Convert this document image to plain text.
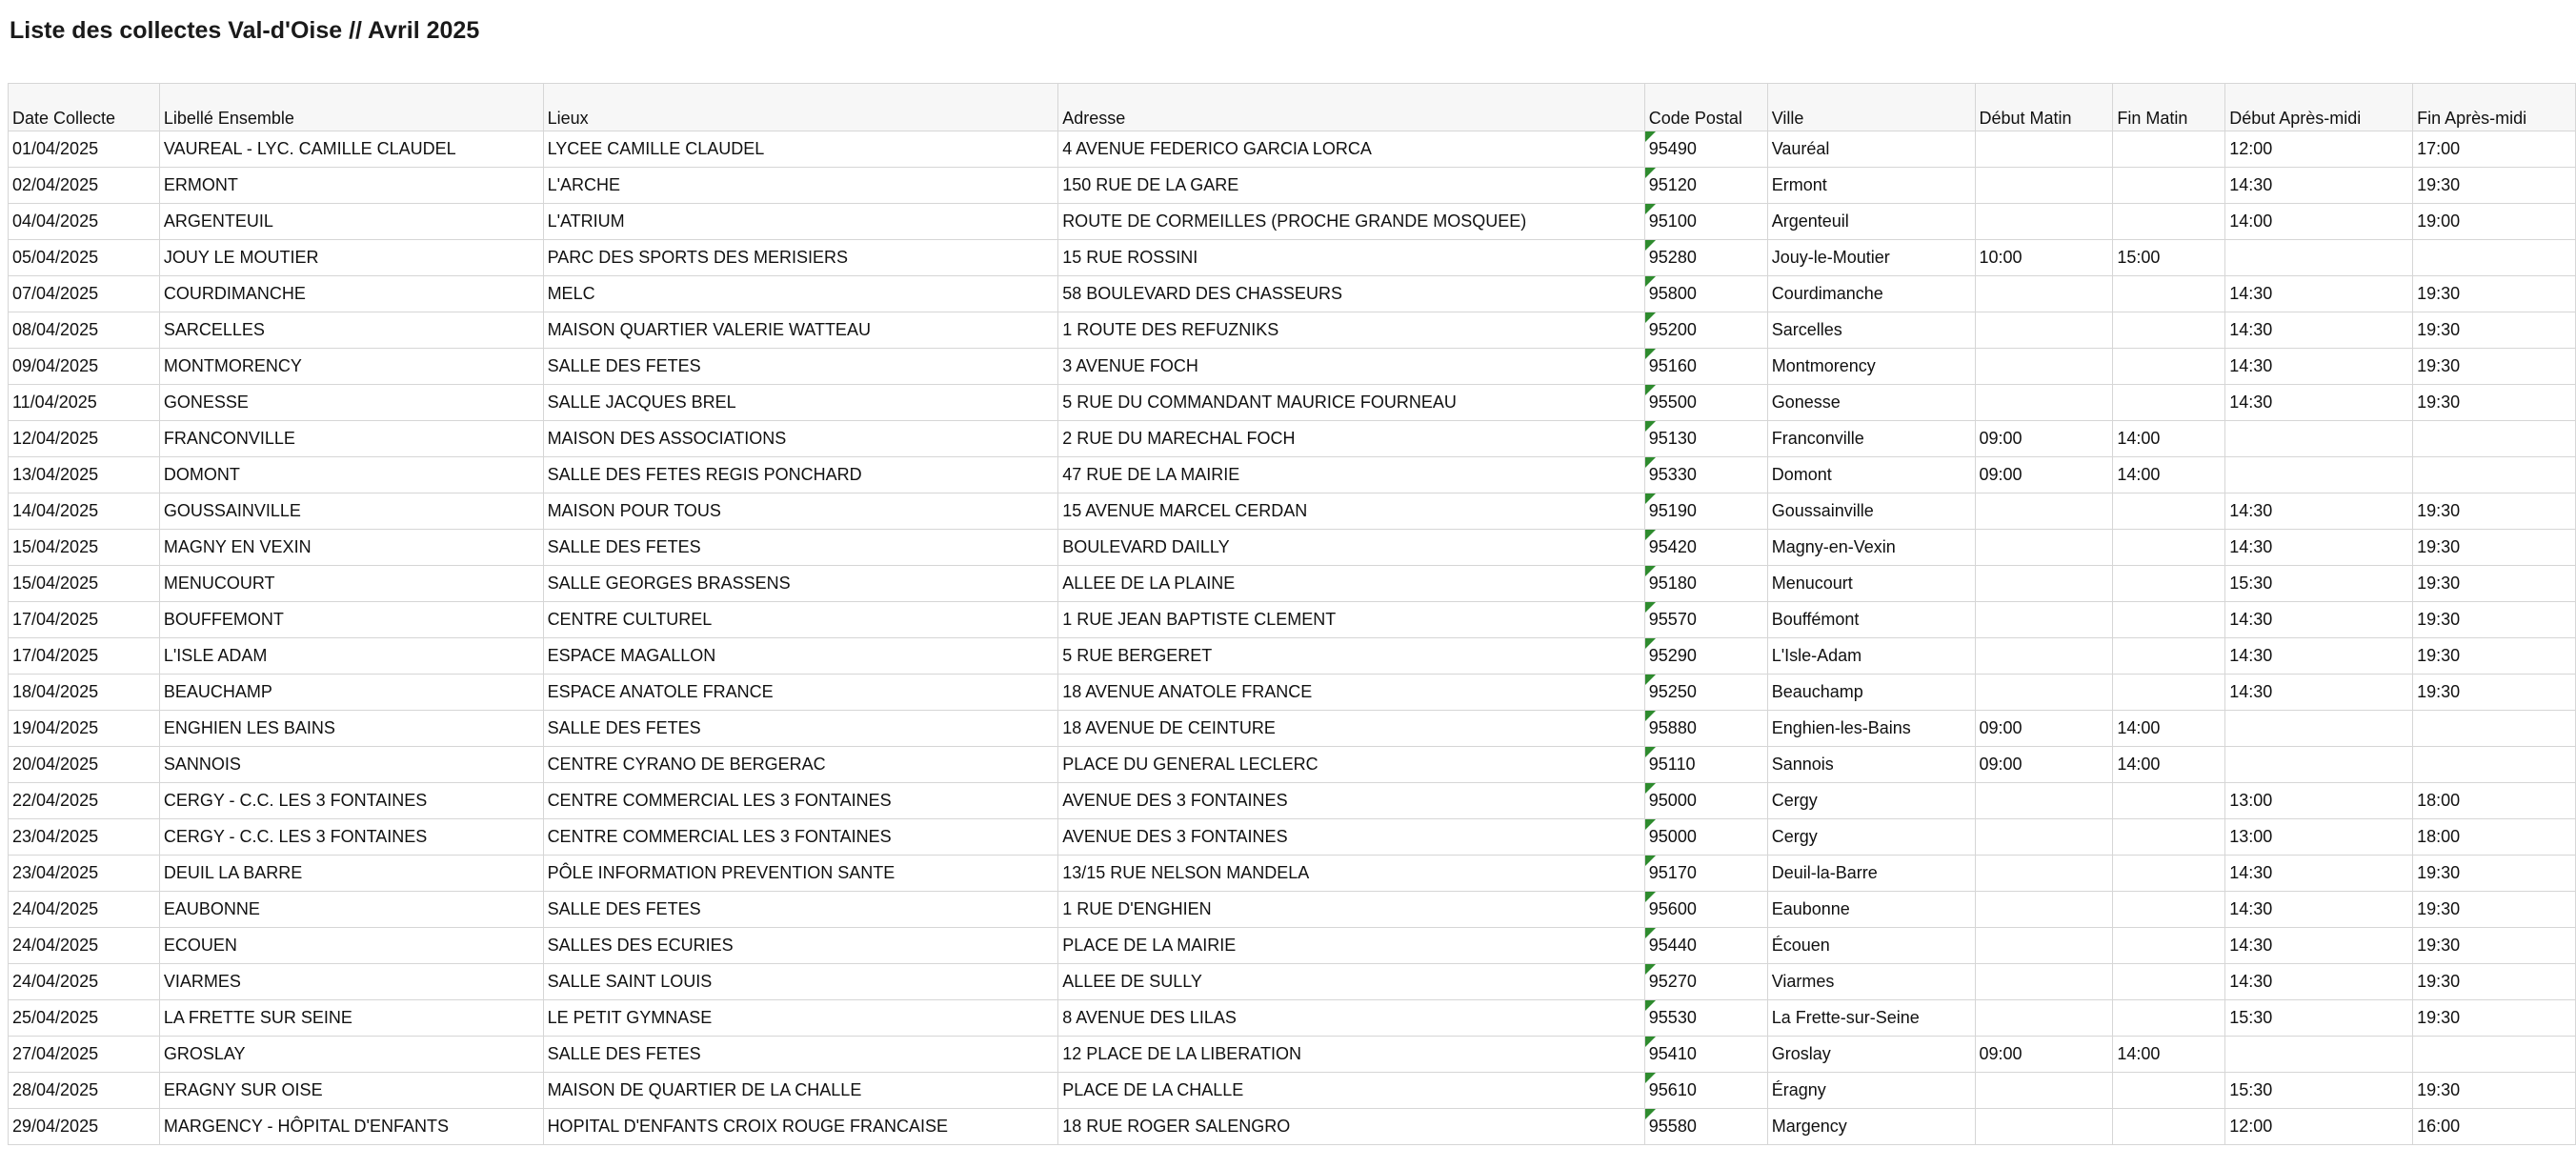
Liste des collectes Val-d'Oise // Avril 2025
Date Collecte	Libellé Ensemble	Lieux	Adresse	Code Postal	Ville	Début Matin	Fin Matin	Début Après-midi	Fin Après-midi
01/04/2025	VAUREAL - LYC. CAMILLE CLAUDEL	LYCEE CAMILLE CLAUDEL	4 AVENUE FEDERICO GARCIA LORCA	95490	Vauréal			12:00	17:00
02/04/2025	ERMONT	L'ARCHE	150 RUE DE LA GARE	95120	Ermont			14:30	19:30
04/04/2025	ARGENTEUIL	L'ATRIUM	ROUTE DE CORMEILLES (PROCHE GRANDE MOSQUEE)	95100	Argenteuil			14:00	19:00
05/04/2025	JOUY LE MOUTIER	PARC DES SPORTS DES MERISIERS	15 RUE ROSSINI	95280	Jouy-le-Moutier	10:00	15:00		
07/04/2025	COURDIMANCHE	MELC	58 BOULEVARD DES CHASSEURS	95800	Courdimanche			14:30	19:30
08/04/2025	SARCELLES	MAISON QUARTIER VALERIE WATTEAU	1 ROUTE DES REFUZNIKS	95200	Sarcelles			14:30	19:30
09/04/2025	MONTMORENCY	SALLE DES FETES	3 AVENUE FOCH	95160	Montmorency			14:30	19:30
11/04/2025	GONESSE	SALLE JACQUES BREL	5 RUE DU COMMANDANT MAURICE FOURNEAU	95500	Gonesse			14:30	19:30
12/04/2025	FRANCONVILLE	MAISON DES ASSOCIATIONS	2 RUE DU MARECHAL FOCH	95130	Franconville	09:00	14:00		
13/04/2025	DOMONT	SALLE DES FETES REGIS PONCHARD	47 RUE DE LA MAIRIE	95330	Domont	09:00	14:00		
14/04/2025	GOUSSAINVILLE	MAISON POUR TOUS	15 AVENUE MARCEL CERDAN	95190	Goussainville			14:30	19:30
15/04/2025	MAGNY EN VEXIN	SALLE DES FETES	BOULEVARD DAILLY	95420	Magny-en-Vexin			14:30	19:30
15/04/2025	MENUCOURT	SALLE GEORGES BRASSENS	ALLEE DE LA PLAINE	95180	Menucourt			15:30	19:30
17/04/2025	BOUFFEMONT	CENTRE CULTUREL	1 RUE JEAN BAPTISTE CLEMENT	95570	Bouffémont			14:30	19:30
17/04/2025	L'ISLE ADAM	ESPACE MAGALLON	5 RUE BERGERET	95290	L'Isle-Adam			14:30	19:30
18/04/2025	BEAUCHAMP	ESPACE ANATOLE FRANCE	18 AVENUE ANATOLE FRANCE	95250	Beauchamp			14:30	19:30
19/04/2025	ENGHIEN LES BAINS	SALLE DES FETES	18 AVENUE DE CEINTURE	95880	Enghien-les-Bains	09:00	14:00		
20/04/2025	SANNOIS	CENTRE CYRANO DE BERGERAC	PLACE DU GENERAL LECLERC	95110	Sannois	09:00	14:00		
22/04/2025	CERGY - C.C. LES 3 FONTAINES	CENTRE COMMERCIAL LES 3 FONTAINES	AVENUE DES 3 FONTAINES	95000	Cergy			13:00	18:00
23/04/2025	CERGY - C.C. LES 3 FONTAINES	CENTRE COMMERCIAL LES 3 FONTAINES	AVENUE DES 3 FONTAINES	95000	Cergy			13:00	18:00
23/04/2025	DEUIL LA BARRE	PÔLE INFORMATION PREVENTION SANTE	13/15 RUE NELSON MANDELA	95170	Deuil-la-Barre			14:30	19:30
24/04/2025	EAUBONNE	SALLE DES FETES	1 RUE D'ENGHIEN	95600	Eaubonne			14:30	19:30
24/04/2025	ECOUEN	SALLES DES ECURIES	PLACE DE LA MAIRIE	95440	Écouen			14:30	19:30
24/04/2025	VIARMES	SALLE SAINT LOUIS	ALLEE DE SULLY	95270	Viarmes			14:30	19:30
25/04/2025	LA FRETTE SUR SEINE	LE PETIT GYMNASE	8 AVENUE DES LILAS	95530	La Frette-sur-Seine			15:30	19:30
27/04/2025	GROSLAY	SALLE DES FETES	12 PLACE DE LA LIBERATION	95410	Groslay	09:00	14:00		
28/04/2025	ERAGNY SUR OISE	MAISON DE QUARTIER DE LA CHALLE	PLACE DE LA CHALLE	95610	Éragny			15:30	19:30
29/04/2025	MARGENCY - HÔPITAL D'ENFANTS	HOPITAL D'ENFANTS CROIX ROUGE FRANCAISE	18 RUE ROGER SALENGRO	95580	Margency			12:00	16:00
